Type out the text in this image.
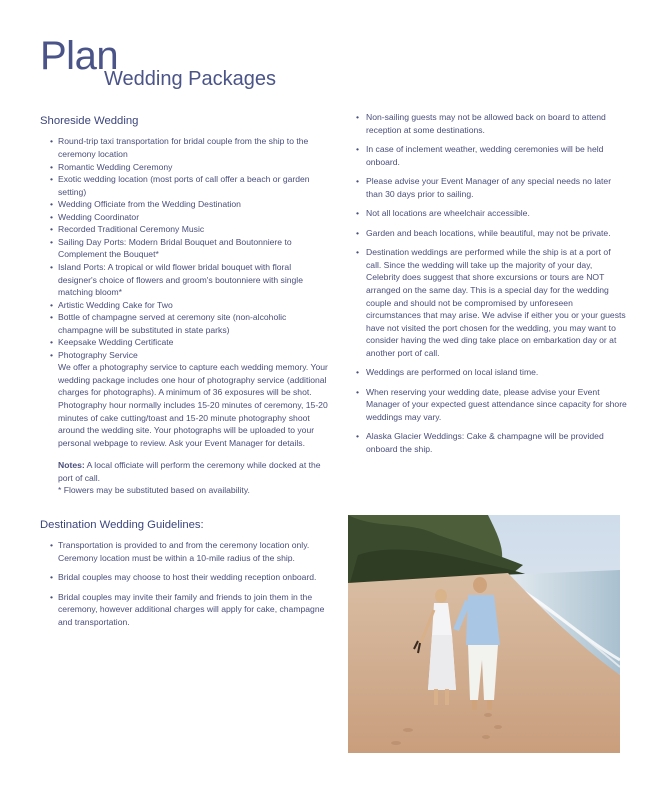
Plan
Wedding Packages
Shoreside Wedding
• Round-trip taxi transportation for bridal couple from the ship to the ceremony location
• Romantic Wedding Ceremony
• Exotic wedding location (most ports of call offer a beach or garden setting)
• Wedding Officiate from the Wedding Destination
• Wedding Coordinator
• Recorded Traditional Ceremony Music
• Sailing Day Ports: Modern Bridal Bouquet and Boutonniere to Complement the Bouquet*
• Island Ports: A tropical or wild flower bridal bouquet with floral designer's choice of flowers and groom's boutonniere with single matching bloom*
• Artistic Wedding Cake for Two
• Bottle of champagne served at ceremony site (non-alcoholic champagne will be substituted in state parks)
• Keepsake Wedding Certificate
• Photography Service
We offer a photography service to capture each wedding memory. Your wedding package includes one hour of photography service (additional charges for photographs). A minimum of 36 exposures will be shot. Photography hour normally includes 15-20 minutes of ceremony, 15-20 minutes of cake cutting/toast and 15-20 minute photography shoot around the wedding site. Your photographs will be uploaded to your personal webpage to review. Ask your Event Manager for details.
Notes: A local officiate will perform the ceremony while docked at the port of call.
* Flowers may be substituted based on availability.
Destination Wedding Guidelines:
• Transportation is provided to and from the ceremony location only. Ceremony location must be within a 10-mile radius of the ship.
• Bridal couples may choose to host their wedding reception onboard.
• Bridal couples may invite their family and friends to join them in the ceremony, however additional charges will apply for cake, champagne and transportation.
• Non-sailing guests may not be allowed back on board to attend reception at some destinations.
• In case of inclement weather, wedding ceremonies will be held onboard.
• Please advise your Event Manager of any special needs no later than 30 days prior to sailing.
• Not all locations are wheelchair accessible.
• Garden and beach locations, while beautiful, may not be private.
• Destination weddings are performed while the ship is at a port of call. Since the wedding will take up the majority of your day, Celebrity does suggest that shore excursions or tours are NOT arranged on the same day. This is a special day for the wedding couple and should not be compromised by unforeseen circumstances that may arise. We advise if either you or your guests have not visited the port chosen for the wedding, you may want to consider having the wed ding take place on embarkation day or at another port of call.
• Weddings are performed on local island time.
• When reserving your wedding date, please advise your Event Manager of your expected guest attendance since capacity for shore weddings may vary.
• Alaska Glacier Weddings: Cake & champagne will be provided onboard the ship.
